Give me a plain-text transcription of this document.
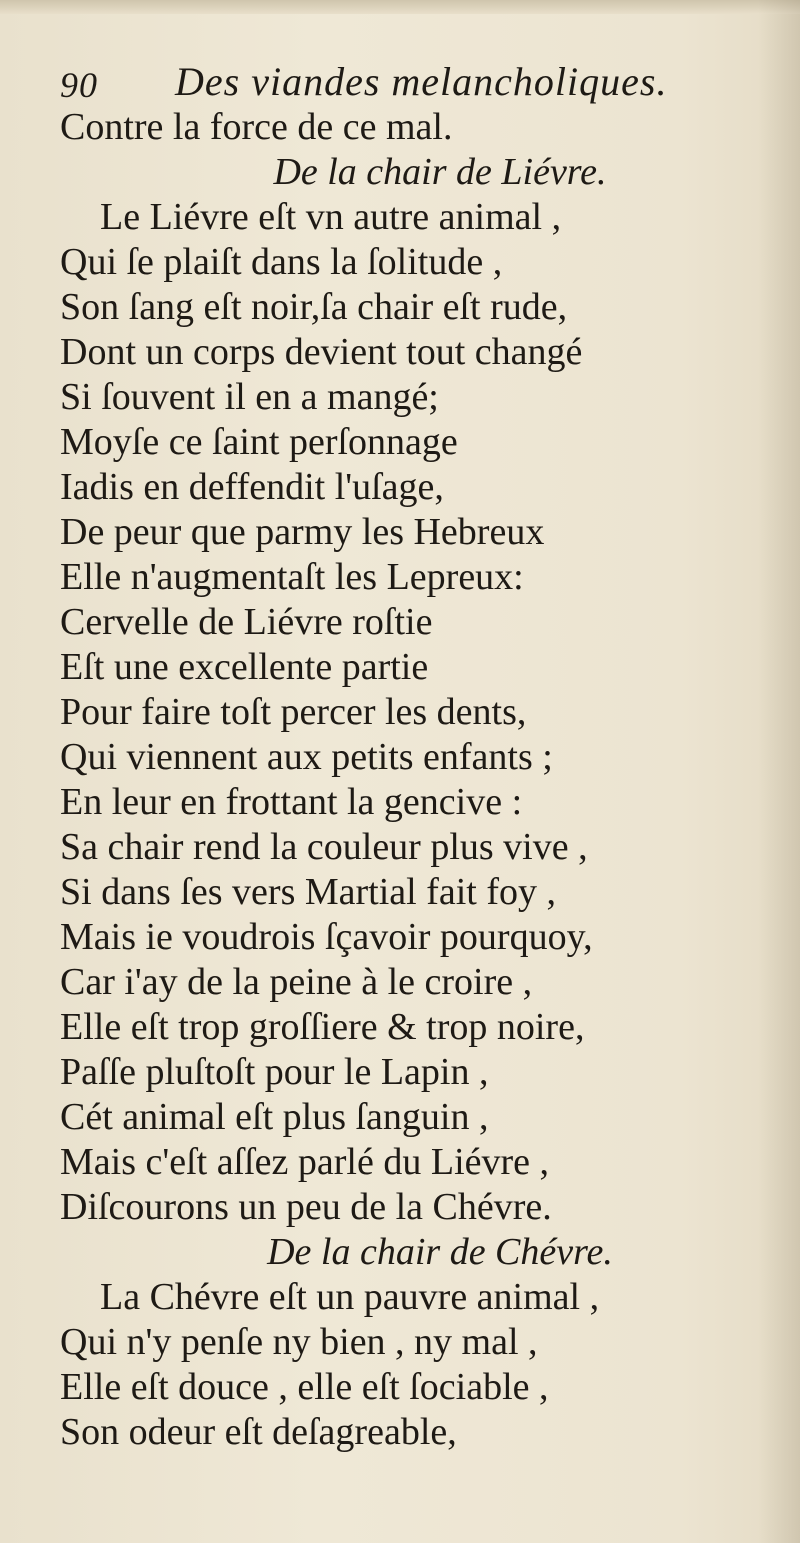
90 Des viandes melancholiques.
Contre la force de ce mal.
De la chair de Liévre.
Le Liévre eſt vn autre animal ,
Qui ſe plaiſt dans la ſolitude ,
Son ſang eſt noir,ſa chair eſt rude,
Dont un corps devient tout changé
Si ſouvent il en a mangé;
Moyſe ce ſaint perſonnage
Iadis en deffendit l'uſage,
De peur que parmy les Hebreux
Elle n'augmentaſt les Lepreux:
Cervelle de Liévre roſtie
Eſt une excellente partie
Pour faire toſt percer les dents,
Qui viennent aux petits enfants ;
En leur en frottant la gencive :
Sa chair rend la couleur plus vive ,
Si dans ſes vers Martial fait foy ,
Mais ie voudrois ſçavoir pourquoy,
Car i'ay de la peine à le croire ,
Elle eſt trop groſſiere & trop noire,
Paſſe pluſtoſt pour le Lapin ,
Cét animal eſt plus ſanguin ,
Mais c'eſt aſſez parlé du Liévre ,
Diſcourons un peu de la Chévre.
De la chair de Chévre.
La Chévre eſt un pauvre animal ,
Qui n'y penſe ny bien , ny mal ,
Elle eſt douce , elle eſt ſociable ,
Son odeur eſt deſagreable,
